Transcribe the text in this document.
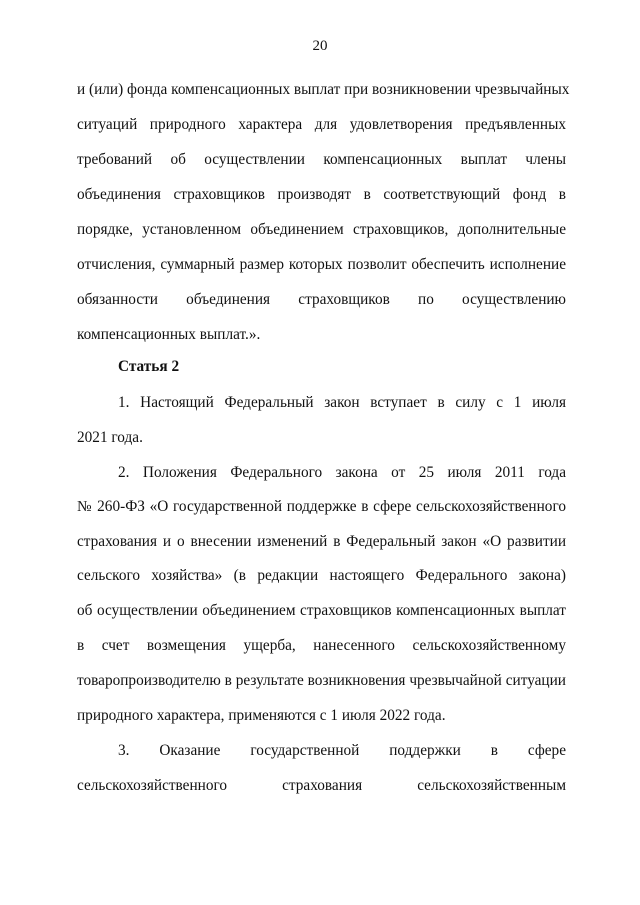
20
и (или) фонда компенсационных выплат при возникновении чрезвычайных
ситуаций природного характера для удовлетворения предъявленных
требований об осуществлении компенсационных выплат члены
объединения страховщиков производят в соответствующий фонд в
порядке, установленном объединением страховщиков, дополнительные
отчисления, суммарный размер которых позволит обеспечить исполнение
обязанности объединения страховщиков по осуществлению
компенсационных выплат.».
Статья 2
1. Настоящий Федеральный закон вступает в силу с 1 июля
2021 года.
2. Положения Федерального закона от 25 июля 2011 года
№ 260-ФЗ «О государственной поддержке в сфере сельскохозяйственного
страхования и о внесении изменений в Федеральный закон «О развитии
сельского хозяйства» (в редакции настоящего Федерального закона)
об осуществлении объединением страховщиков компенсационных выплат
в счет возмещения ущерба, нанесенного сельскохозяйственному
товаропроизводителю в результате возникновения чрезвычайной ситуации
природного характера, применяются с 1 июля 2022 года.
3. Оказание государственной поддержки в сфере
сельскохозяйственного страхования сельскохозяйственным
